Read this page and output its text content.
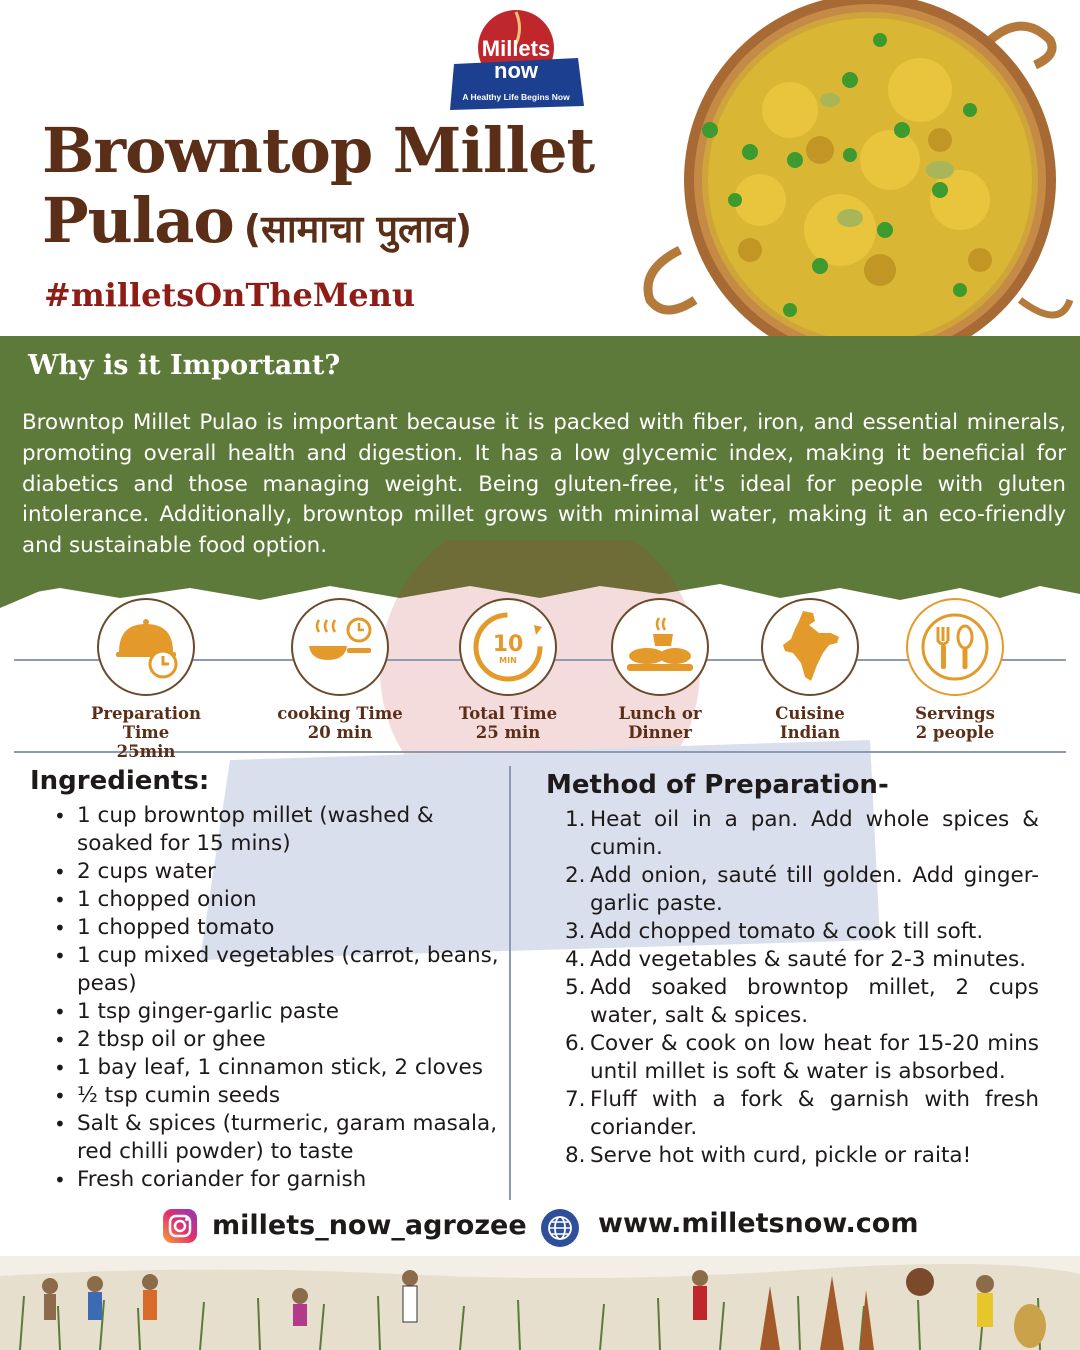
Millets
now
A Healthy Life Begins Now
Browntop Millet
Pulao (सामाचा पुलाव)
#milletsOnTheMenu
Why is it Important?
Browntop Millet Pulao is important because it is packed with fiber, iron, and essential minerals, promoting overall health and digestion. It has a low glycemic index, making it beneficial for diabetics and those managing weight. Being gluten-free, it's ideal for people with gluten intolerance. Additionally, browntop millet grows with minimal water, making it an eco-friendly and sustainable food option.
Preparation Time
25min
cooking Time
20 min
10
MIN
Total Time
25 min
Lunch or
Dinner
Cuisine
Indian
Servings
2 people
Ingredients:
• 1 cup browntop millet (washed & soaked for 15 mins)
• 2 cups water
• 1 chopped onion
• 1 chopped tomato
• 1 cup mixed vegetables (carrot, beans, peas)
• 1 tsp ginger-garlic paste
• 2 tbsp oil or ghee
• 1 bay leaf, 1 cinnamon stick, 2 cloves
• ½ tsp cumin seeds
• Salt & spices (turmeric, garam masala, red chilli powder) to taste
• Fresh coriander for garnish
Method of Preparation-
1. Heat oil in a pan. Add whole spices & cumin.
2. Add onion, sauté till golden. Add ginger-garlic paste.
3. Add chopped tomato & cook till soft.
4. Add vegetables & sauté for 2-3 minutes.
5. Add soaked browntop millet, 2 cups water, salt & spices.
6. Cover & cook on low heat for 15-20 mins until millet is soft & water is absorbed.
7. Fluff with a fork & garnish with fresh coriander.
8. Serve hot with curd, pickle or raita!
millets_now_agrozee	www.milletsnow.com
